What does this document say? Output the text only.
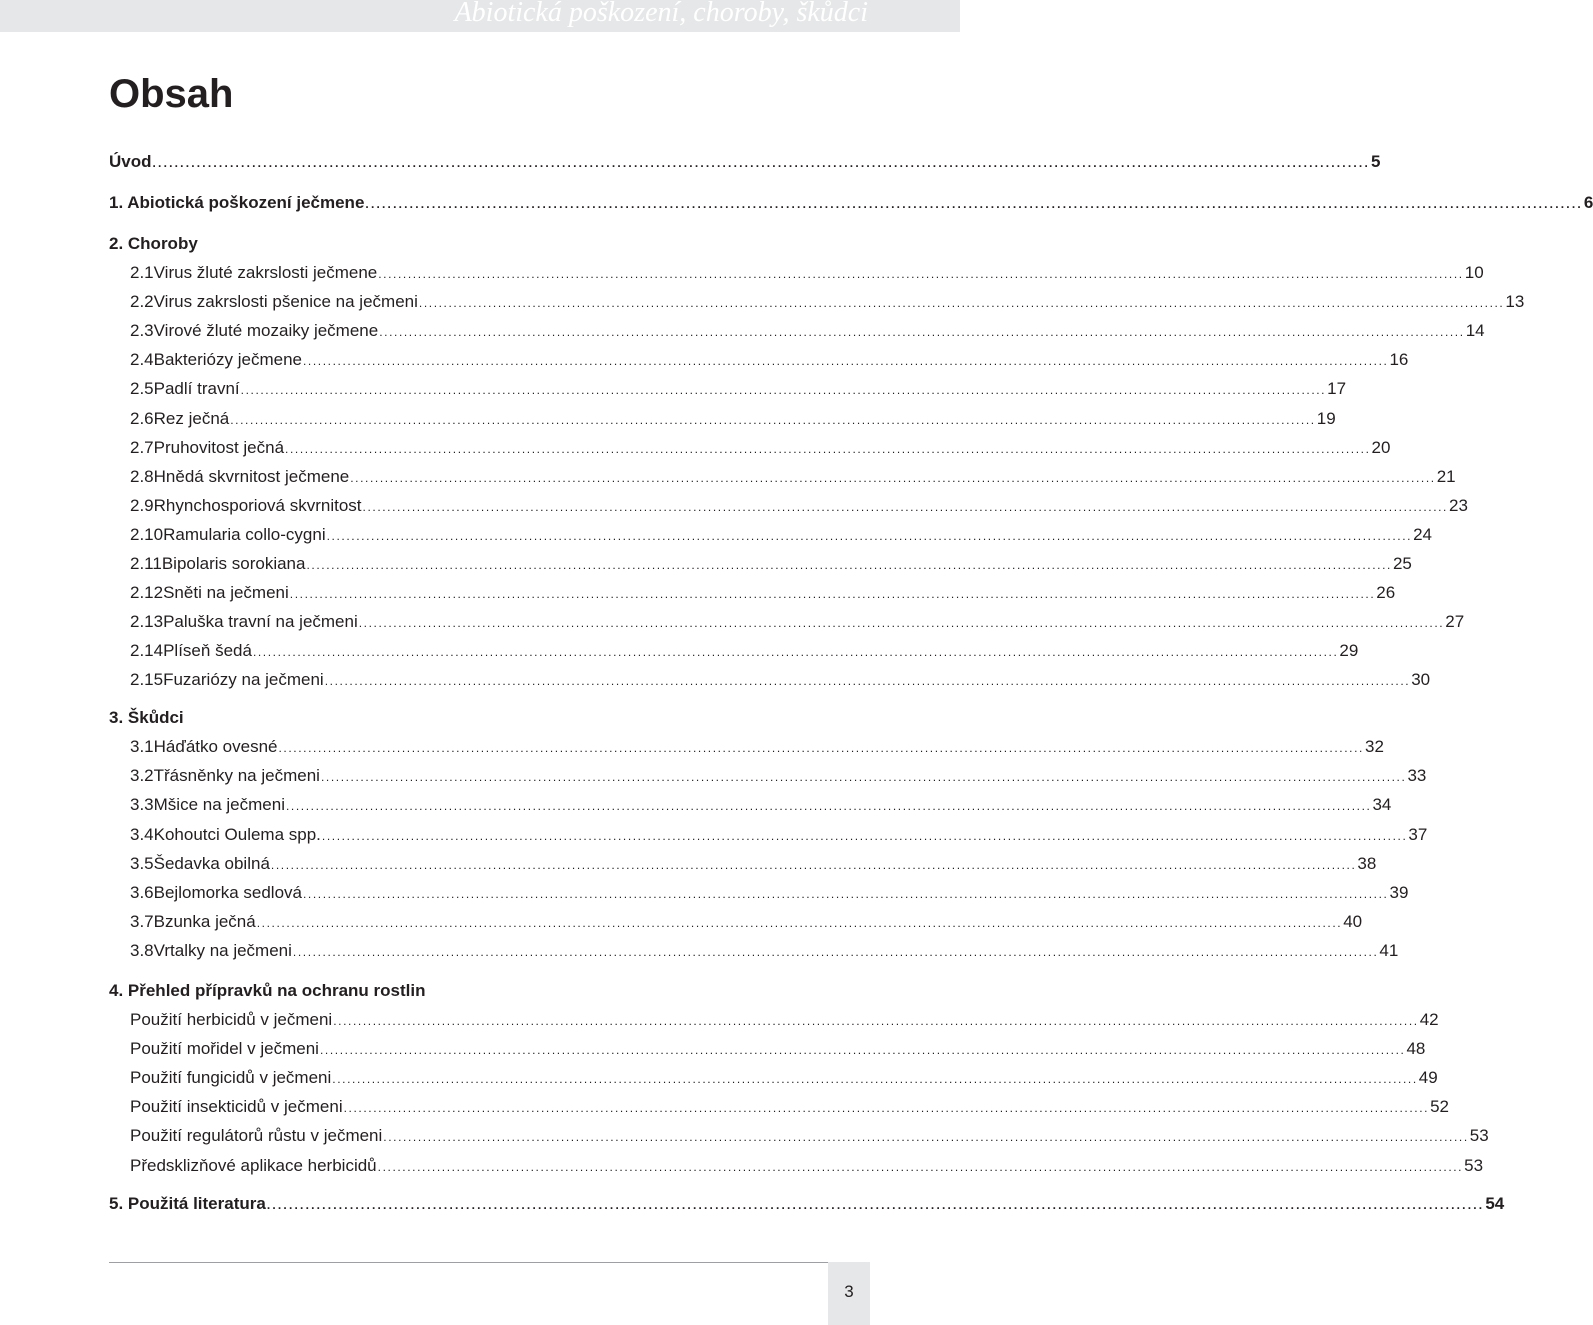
Abiotická poškození, choroby, škůdci
Obsah
Úvod ............................................................................................................................................................................................................................ 5
1. Abiotická poškození ječmene ............................................................................................................................................................................................................................ 6
2. Choroby
2.1 Virus žluté zakrslosti ječmene ............................................................................................................................................................................................................................ 10
2.2 Virus zakrslosti pšenice na ječmeni ............................................................................................................................................................................................................................ 13
2.3 Virové žluté mozaiky ječmene ............................................................................................................................................................................................................................ 14
2.4 Bakteriózy ječmene ............................................................................................................................................................................................................................ 16
2.5 Padlí travní ............................................................................................................................................................................................................................ 17
2.6 Rez ječná ............................................................................................................................................................................................................................ 19
2.7 Pruhovitost ječná ............................................................................................................................................................................................................................ 20
2.8 Hnědá skvrnitost ječmene ............................................................................................................................................................................................................................ 21
2.9 Rhynchosporiová skvrnitost ............................................................................................................................................................................................................................ 23
2.10 Ramularia collo-cygni ............................................................................................................................................................................................................................ 24
2.11 Bipolaris sorokiana ............................................................................................................................................................................................................................ 25
2.12 Sněti na ječmeni ............................................................................................................................................................................................................................ 26
2.13 Paluška travní na ječmeni ............................................................................................................................................................................................................................ 27
2.14 Plíseň šedá ............................................................................................................................................................................................................................ 29
2.15 Fuzariózy na ječmeni ............................................................................................................................................................................................................................ 30
3. Škůdci
3.1 Háďátko ovesné ............................................................................................................................................................................................................................ 32
3.2 Třásněnky na ječmeni ............................................................................................................................................................................................................................ 33
3.3 Mšice na ječmeni ............................................................................................................................................................................................................................ 34
3.4 Kohoutci Oulema spp. ............................................................................................................................................................................................................................ 37
3.5 Šedavka obilná ............................................................................................................................................................................................................................ 38
3.6 Bejlomorka sedlová ............................................................................................................................................................................................................................ 39
3.7 Bzunka ječná ............................................................................................................................................................................................................................ 40
3.8 Vrtalky na ječmeni ............................................................................................................................................................................................................................ 41
4. Přehled přípravků na ochranu rostlin
Použití herbicidů v ječmeni ............................................................................................................................................................................................................................ 42
Použití mořidel v ječmeni ............................................................................................................................................................................................................................ 48
Použití fungicidů v ječmeni ............................................................................................................................................................................................................................ 49
Použití insekticidů v ječmeni ............................................................................................................................................................................................................................ 52
Použití regulátorů růstu v ječmeni ............................................................................................................................................................................................................................ 53
Předsklizňové aplikace herbicidů ............................................................................................................................................................................................................................ 53
5. Použitá literatura ............................................................................................................................................................................................................................ 54
3
